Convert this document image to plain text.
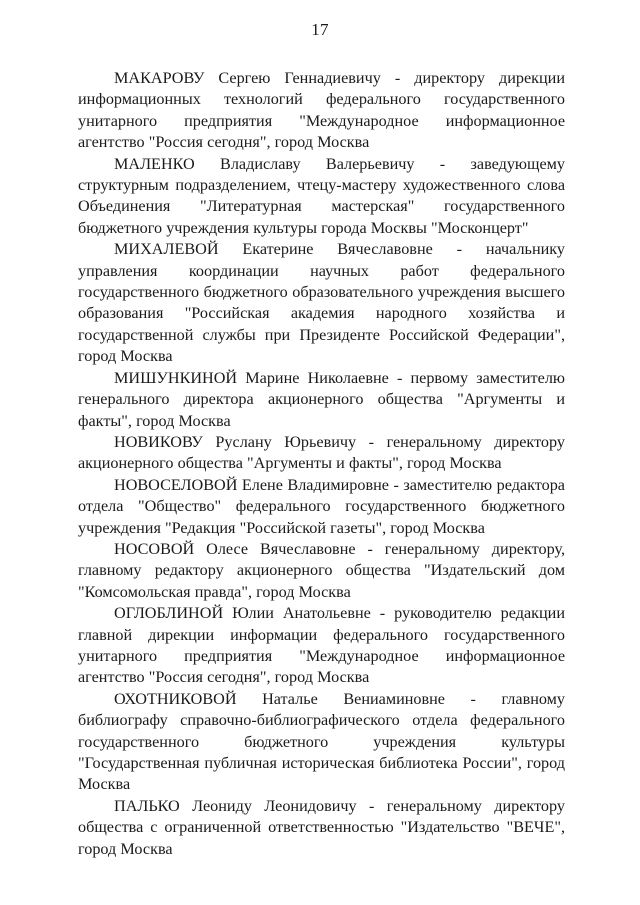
17

МАКАРОВУ Сергею Геннадиевичу - директору дирекции информационных технологий федерального государственного унитарного предприятия "Международное информационное агентство "Россия сегодня", город Москва

МАЛЕНКО Владиславу Валерьевичу - заведующему структурным подразделением, чтецу-мастеру художественного слова Объединения "Литературная мастерская" государственного бюджетного учреждения культуры города Москвы "Москонцерт"

МИХАЛЕВОЙ Екатерине Вячеславовне - начальнику управления координации научных работ федерального государственного бюджетного образовательного учреждения высшего образования "Российская академия народного хозяйства и государственной службы при Президенте Российской Федерации", город Москва

МИШУНКИНОЙ Марине Николаевне - первому заместителю генерального директора акционерного общества "Аргументы и факты", город Москва

НОВИКОВУ Руслану Юрьевичу - генеральному директору акционерного общества "Аргументы и факты", город Москва

НОВОСЕЛОВОЙ Елене Владимировне - заместителю редактора отдела "Общество" федерального государственного бюджетного учреждения "Редакция "Российской газеты", город Москва

НОСОВОЙ Олесе Вячеславовне - генеральному директору, главному редактору акционерного общества "Издательский дом "Комсомольская правда", город Москва

ОГЛОБЛИНОЙ Юлии Анатольевне - руководителю редакции главной дирекции информации федерального государственного унитарного предприятия "Международное информационное агентство "Россия сегодня", город Москва

ОХОТНИКОВОЙ Наталье Вениаминовне - главному библиографу справочно-библиографического отдела федерального государственного бюджетного учреждения культуры "Государственная публичная историческая библиотека России", город Москва

ПАЛЬКО Леониду Леонидовичу - генеральному директору общества с ограниченной ответственностью "Издательство "ВЕЧЕ", город Москва
